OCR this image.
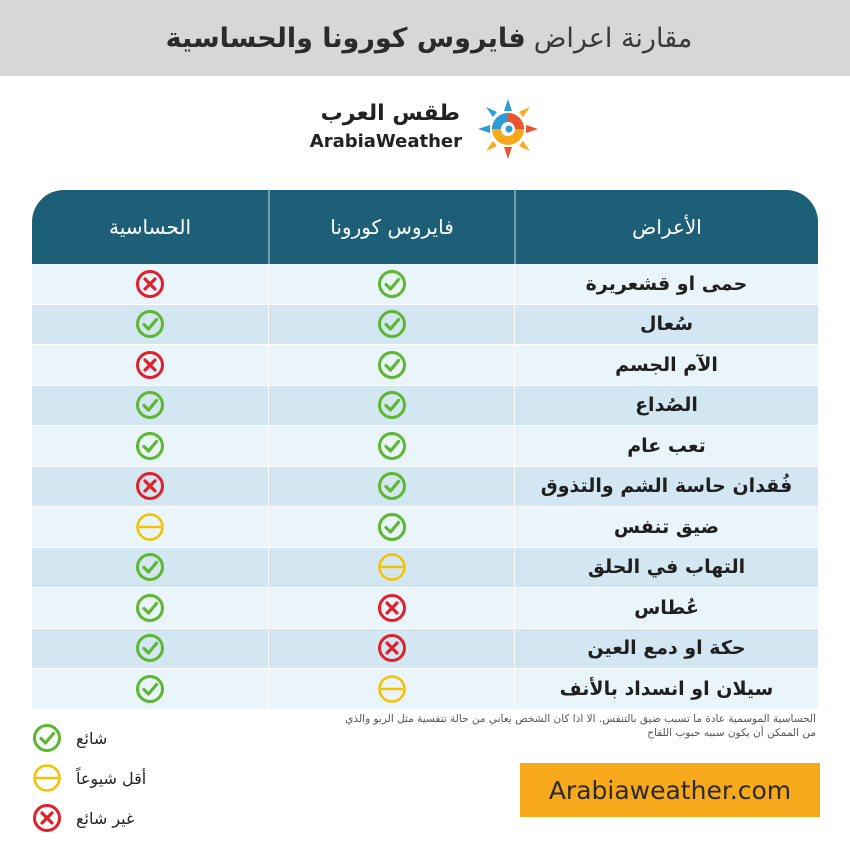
مقارنة اعراض
فايروس كورونا والحساسية
طقس العرب
ArabiaWeather
الأعراض
فايروس كورونا
الحساسية
حمى او قشعريرة
سُعال
الآم الجسم
الصُداع
تعب عام
فُقدان حاسة الشم والتذوق
ضيق تنفس
التهاب في الحلق
عُطاس
حكة او دمع العين
سيلان او انسداد بالأنف
الحساسية الموسمية عادة ما تسبب ضيق بالتنفس. الا اذا كان الشخص يعاني من حالة تنفسية مثل الربو والذي من الممكن أن يكون سببه حبوب اللقاح
شائع
أقل شيوعاً
غير شائع
Arabiaweather.com
